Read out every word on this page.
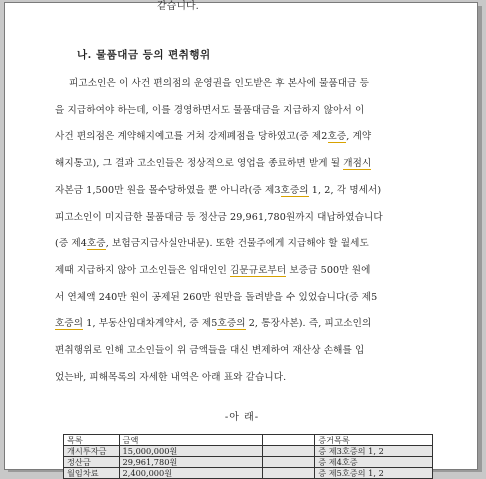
같습니다.
나. 물품대금 등의 편취행위
피고소인은 이 사건 편의점의 운영권을 인도받은 후 본사에 물품대금 등
을 지급하여야 하는데, 이를 경영하면서도 물품대금을 지급하지 않아서 이
사건 편의점은 계약해지예고를 거쳐 강제폐점을 당하였고(증 제2호증, 계약
해지통고), 그 결과 고소인들은 정상적으로 영업을 종료하면 받게 될 개점시
자본금 1,500만 원을 몰수당하였을 뿐 아니라(증 제3호증의 1, 2, 각 명세서)
피고소인이 미지급한 물품대금 등 정산금 29,961,780원까지 대납하였습니다
(증 제4호증, 보험금지급사실안내문). 또한 건물주에게 지급해야 할 월세도
제때 지급하지 않아 고소인들은 임대인인 김문규로부터 보증금 500만 원에
서 연체액 240만 원이 공제된 260만 원만을 돌려받을 수 있었습니다(증 제5
호증의 1, 부동산임대차계약서, 증 제5호증의 2, 통장사본). 즉, 피고소인의
편취행위로 인해 고소인들이 위 금액들을 대신 변제하여 재산상 손해를 입
었는바, 피해목록의 자세한 내역은 아래 표와 같습니다.
-아 래-
목록	금액		증거목록
개시투자금	15,000,000원		증 제3호증의 1, 2
정산금	29,961,780원		증 제4호증
월임차료	2,400,000원		증 제5호증의 1, 2
